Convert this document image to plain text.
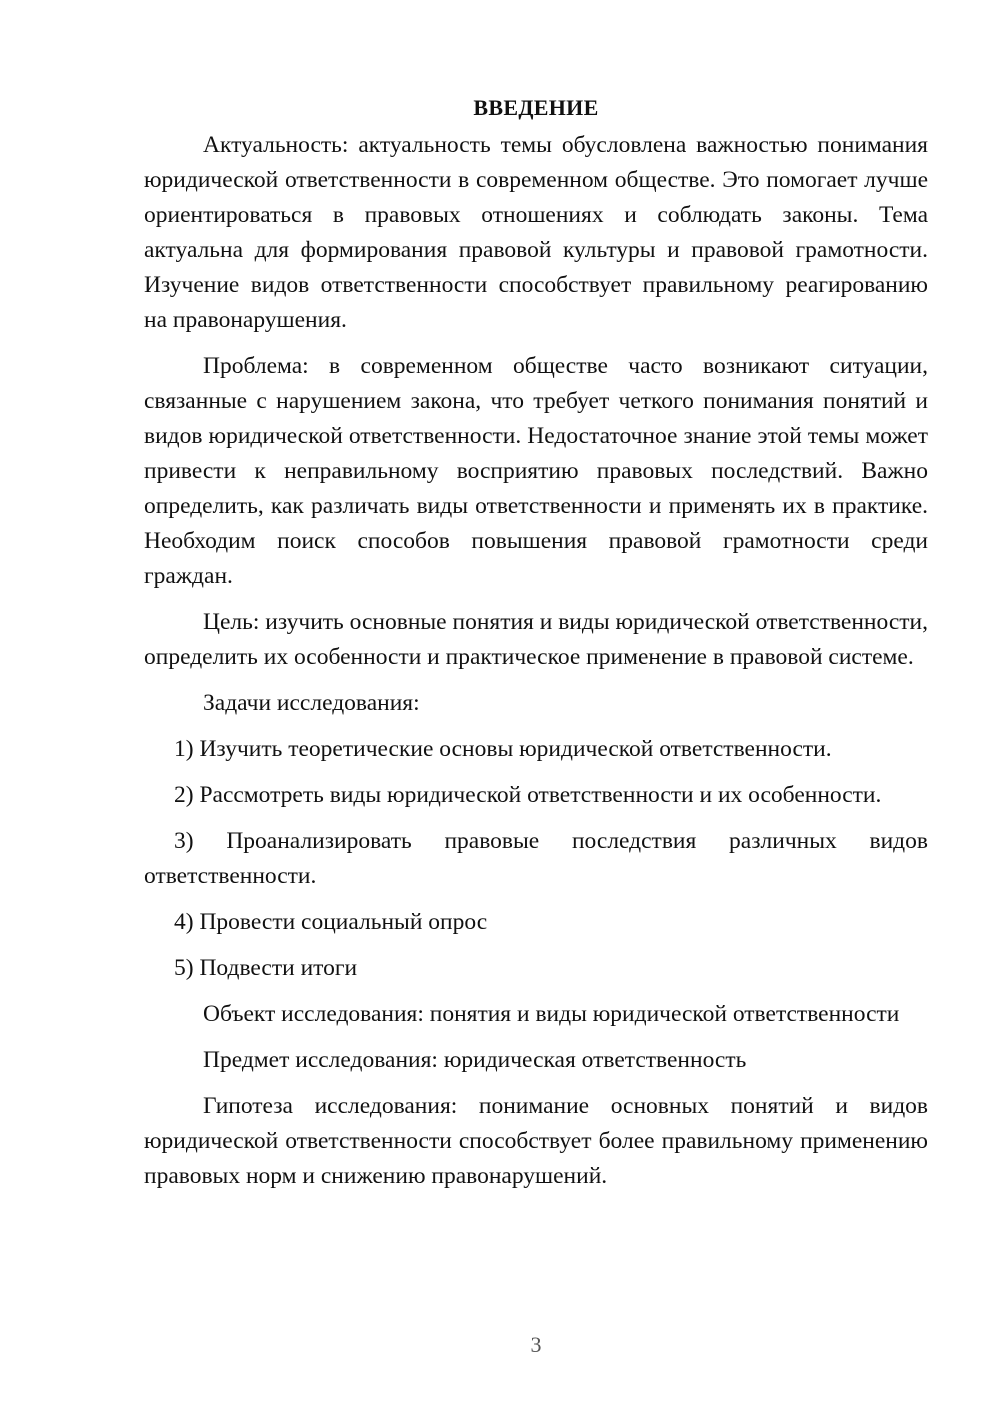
ВВЕДЕНИЕ

Актуальность: актуальность темы обусловлена важностью понимания юридической ответственности в современном обществе. Это помогает лучше ориентироваться в правовых отношениях и соблюдать законы. Тема актуальна для формирования правовой культуры и правовой грамотности. Изучение видов ответственности способствует правильному реагированию на правонарушения.

Проблема: в современном обществе часто возникают ситуации, связанные с нарушением закона, что требует четкого понимания понятий и видов юридической ответственности. Недостаточное знание этой темы может привести к неправильному восприятию правовых последствий. Важно определить, как различать виды ответственности и применять их в практике. Необходим поиск способов повышения правовой грамотности среди граждан.

Цель: изучить основные понятия и виды юридической ответственности, определить их особенности и практическое применение в правовой системе.

Задачи исследования:

1) Изучить теоретические основы юридической ответственности.

2) Рассмотреть виды юридической ответственности и их особенности.

3) Проанализировать правовые последствия различных видов ответственности.

4) Провести социальный опрос

5) Подвести итоги

Объект исследования: понятия и виды юридической ответственности

Предмет исследования: юридическая ответственность

Гипотеза исследования: понимание основных понятий и видов юридической ответственности способствует более правильному применению правовых норм и снижению правонарушений.

3
